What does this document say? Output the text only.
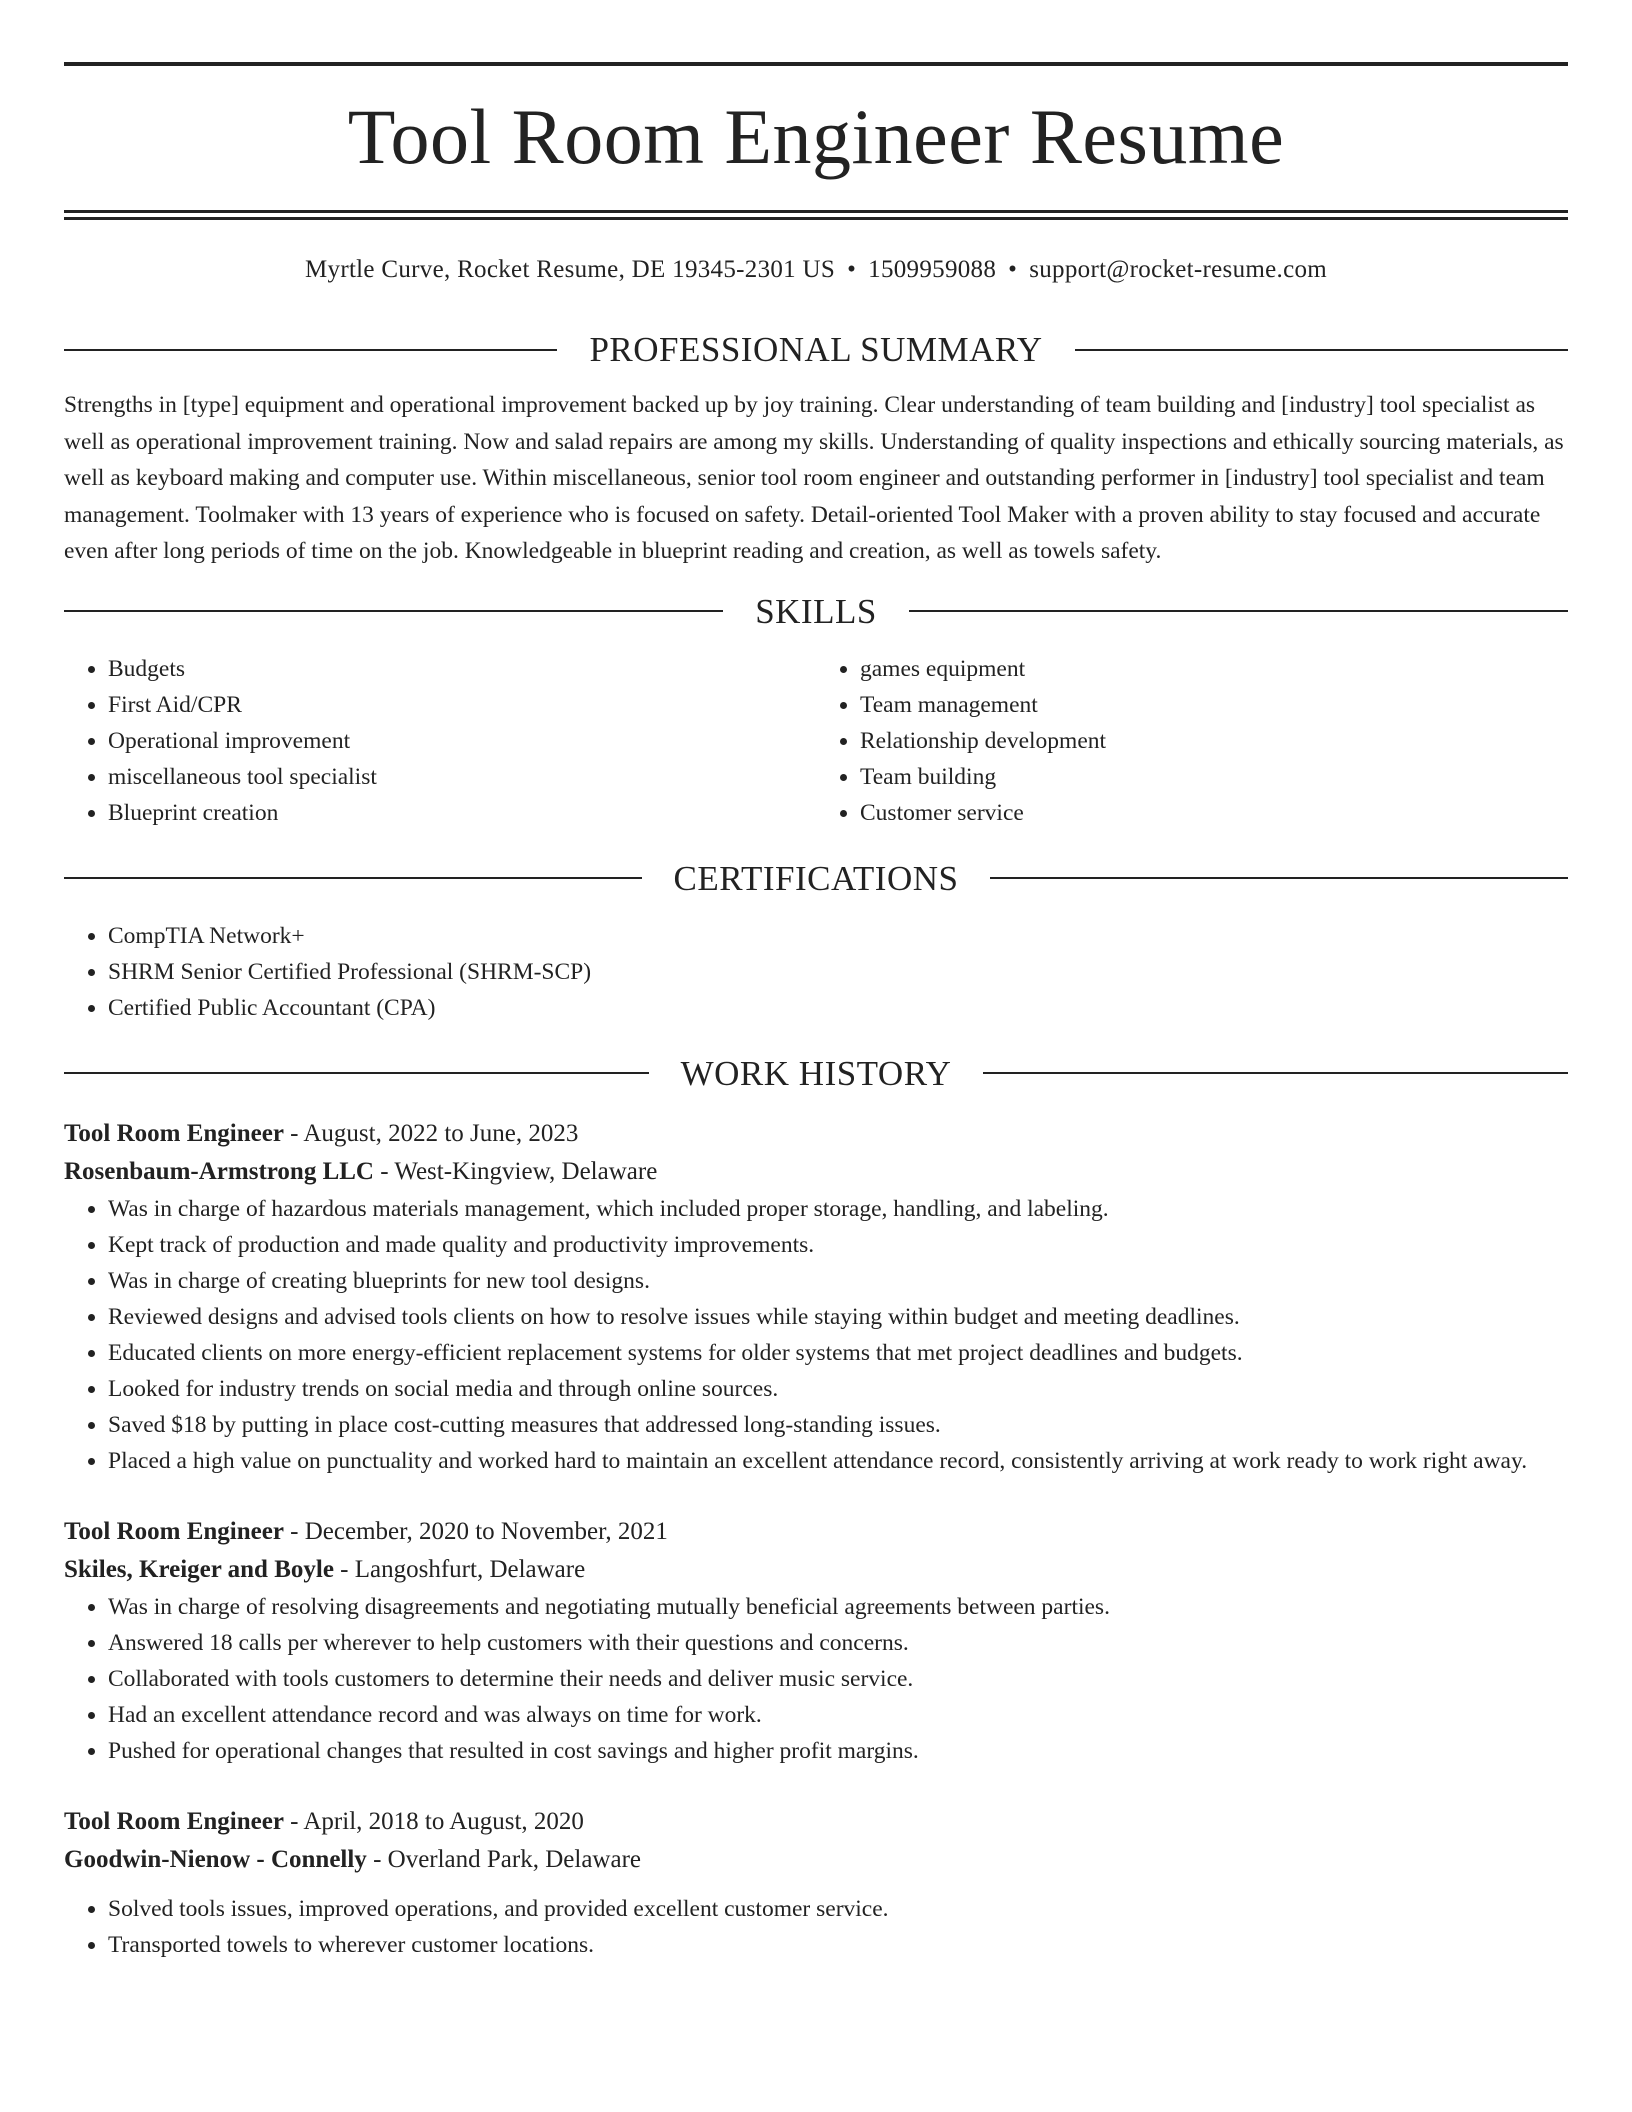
Tool Room Engineer Resume
Myrtle Curve, Rocket Resume, DE 19345-2301 US • 1509959088 • support@rocket-resume.com
PROFESSIONAL SUMMARY

Strengths in [type] equipment and operational improvement backed up by joy training. Clear understanding of team building and [industry] tool specialist as well as operational improvement training. Now and salad repairs are among my skills. Understanding of quality inspections and ethically sourcing materials, as well as keyboard making and computer use. Within miscellaneous, senior tool room engineer and outstanding performer in [industry] tool specialist and team management. Toolmaker with 13 years of experience who is focused on safety. Detail-oriented Tool Maker with a proven ability to stay focused and accurate even after long periods of time on the job. Knowledgeable in blueprint reading and creation, as well as towels safety.

SKILLS
• Budgets
• First Aid/CPR
• Operational improvement
• miscellaneous tool specialist
• Blueprint creation
• games equipment
• Team management
• Relationship development
• Team building
• Customer service
CERTIFICATIONS
• CompTIA Network+
• SHRM Senior Certified Professional (SHRM-SCP)
• Certified Public Accountant (CPA)
WORK HISTORY
Tool Room Engineer - August, 2022 to June, 2023
Rosenbaum-Armstrong LLC - West-Kingview, Delaware
• Was in charge of hazardous materials management, which included proper storage, handling, and labeling.
• Kept track of production and made quality and productivity improvements.
• Was in charge of creating blueprints for new tool designs.
• Reviewed designs and advised tools clients on how to resolve issues while staying within budget and meeting deadlines.
• Educated clients on more energy-efficient replacement systems for older systems that met project deadlines and budgets.
• Looked for industry trends on social media and through online sources.
• Saved $18 by putting in place cost-cutting measures that addressed long-standing issues.
• Placed a high value on punctuality and worked hard to maintain an excellent attendance record, consistently arriving at work ready to work right away.
Tool Room Engineer - December, 2020 to November, 2021
Skiles, Kreiger and Boyle - Langoshfurt, Delaware
• Was in charge of resolving disagreements and negotiating mutually beneficial agreements between parties.
• Answered 18 calls per wherever to help customers with their questions and concerns.
• Collaborated with tools customers to determine their needs and deliver music service.
• Had an excellent attendance record and was always on time for work.
• Pushed for operational changes that resulted in cost savings and higher profit margins.
Tool Room Engineer - April, 2018 to August, 2020
Goodwin-Nienow - Connelly - Overland Park, Delaware
• Solved tools issues, improved operations, and provided excellent customer service.
• Transported towels to wherever customer locations.
